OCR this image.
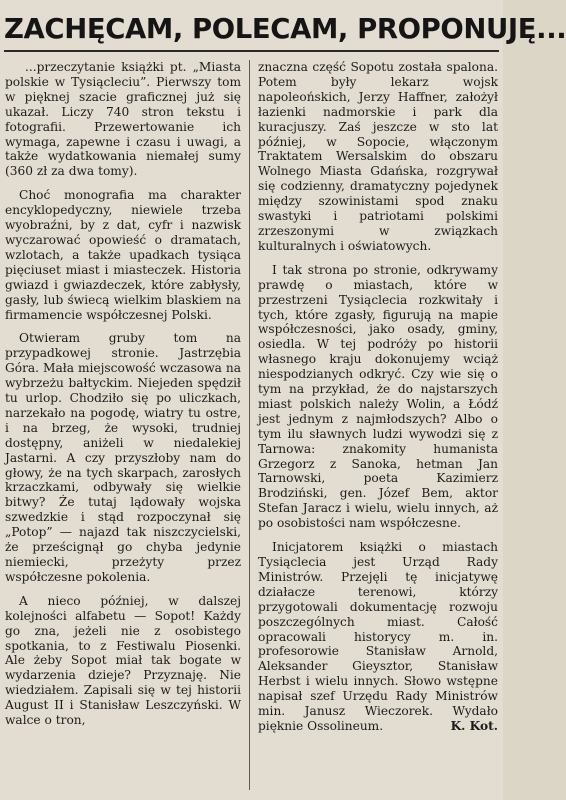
ZACHĘCAM, POLECAM, PROPONUJĘ...

...przeczytanie książki pt. „Miasta polskie w Tysiącleciu”. Pierwszy tom w pięknej szacie graficznej już się ukazał. Liczy 740 stron tekstu i fotografii. Przewertowanie ich wymaga, zapewne i czasu i uwagi, a także wydatkowania niemałej sumy (360 zł za dwa tomy).

Choć monografia ma charakter encyklopedyczny, niewiele trzeba wyobraźni, by z dat, cyfr i nazwisk wyczarować opowieść o dramatach, wzlotach, a także upadkach tysiąca pięciuset miast i miasteczek. Historia gwiazd i gwiazdeczek, które zabłysły, gasły, lub świecą wielkim blaskiem na firmamencie współczesnej Polski.

Otwieram gruby tom na przypadkowej stronie. Jastrzębia Góra. Mała miejscowość wczasowa na wybrzeżu bałtyckim. Niejeden spędził tu urlop. Chodziło się po uliczkach, narzekało na pogodę, wiatry tu ostre, i na brzeg, że wysoki, trudniej dostępny, aniżeli w niedalekiej Jastarni. A czy przyszłoby nam do głowy, że na tych skarpach, zarosłych krzaczkami, odbywały się wielkie bitwy? Że tutaj lądowały wojska szwedzkie i stąd rozpoczynał się „Potop” — najazd tak niszczycielski, że prześcignął go chyba jedynie niemiecki, przeżyty przez współczesne pokolenia.

A nieco później, w dalszej kolejności alfabetu — Sopot! Każdy go zna, jeżeli nie z osobistego spotkania, to z Festiwalu Piosenki. Ale żeby Sopot miał tak bogate w wydarzenia dzieje? Przyznaję. Nie wiedziałem. Zapisali się w tej historii August II i Stanisław Leszczyński. W walce o tron,

znaczna część Sopotu została spalona. Potem były lekarz wojsk napoleońskich, Jerzy Haffner, założył łazienki nadmorskie i park dla kuracjuszy. Zaś jeszcze w sto lat później, w Sopocie, włączonym Traktatem Wersalskim do obszaru Wolnego Miasta Gdańska, rozgrywał się codzienny, dramatyczny pojedynek między szowinistami spod znaku swastyki i patriotami polskimi zrzeszonymi w związkach kulturalnych i oświatowych.

I tak strona po stronie, odkrywamy prawdę o miastach, które w przestrzeni Tysiąclecia rozkwitały i tych, które zgasły, figurują na mapie współczesności, jako osady, gminy, osiedla. W tej podróży po historii własnego kraju dokonujemy wciąż niespodzianych odkryć. Czy wie się o tym na przykład, że do najstarszych miast polskich należy Wolin, a Łódź jest jednym z najmłodszych? Albo o tym ilu sławnych ludzi wywodzi się z Tarnowa: znakomity humanista Grzegorz z Sanoka, hetman Jan Tarnowski, poeta Kazimierz Brodziński, gen. Józef Bem, aktor Stefan Jaracz i wielu, wielu innych, aż po osobistości nam współczesne.

Inicjatorem książki o miastach Tysiąclecia jest Urząd Rady Ministrów. Przejęli tę inicjatywę działacze terenowi, którzy przygotowali dokumentację rozwoju poszczególnych miast. Całość opracowali historycy m. in. profesorowie Stanisław Arnold, Aleksander Gieysztor, Stanisław Herbst i wielu innych. Słowo wstępne napisał szef Urzędu Rady Ministrów min. Janusz Wieczorek. Wydało pięknie Ossolineum.	K. Kot.
